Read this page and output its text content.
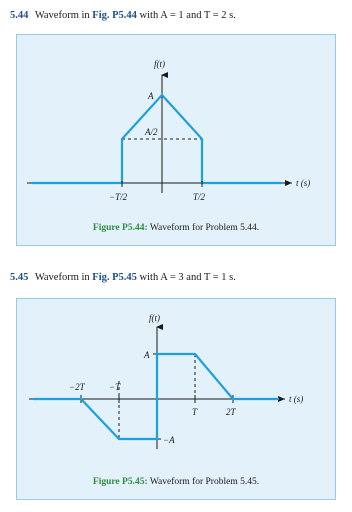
5.44 Waveform in Fig. P5.44 with A = 1 and T = 2 s.
f(t)
A
A/2
t (s)
−T/2	T/2
Figure P5.44: Waveform for Problem 5.44.
5.45 Waveform in Fig. P5.45 with A = 3 and T = 1 s.
f(t)
A
−A
t (s)
−2T	−T
T	2T
Figure P5.45: Waveform for Problem 5.45.
